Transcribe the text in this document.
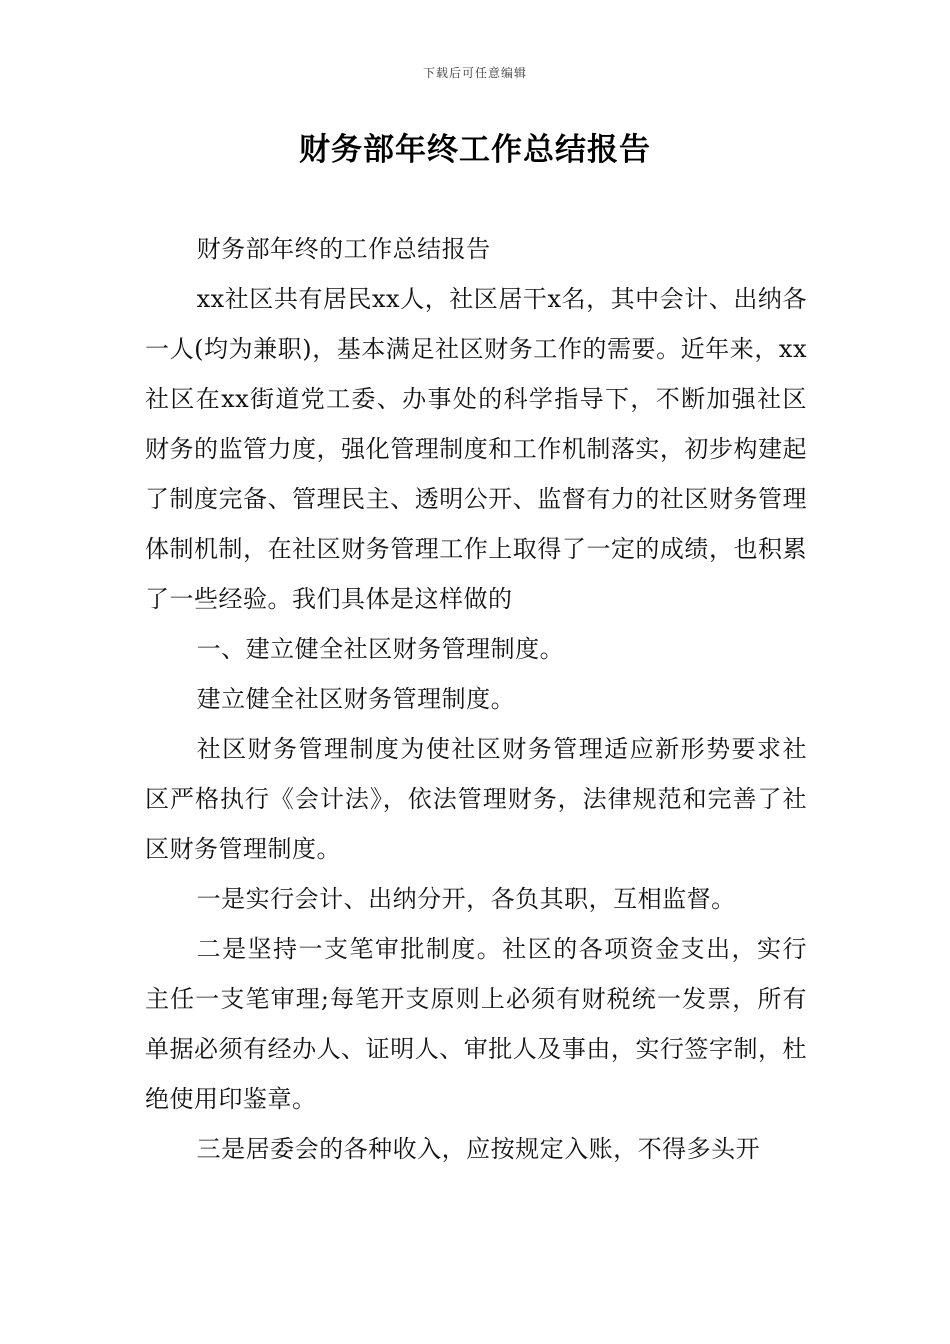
下载后可任意编辑
财务部年终工作总结报告

财务部年终的工作总结报告

xx社区共有居民xx人，社区居干x名，其中会计、出纳各一人(均为兼职)，基本满足社区财务工作的需要。近年来，xx社区在xx街道党工委、办事处的科学指导下，不断加强社区财务的监管力度，强化管理制度和工作机制落实，初步构建起了制度完备、管理民主、透明公开、监督有力的社区财务管理体制机制，在社区财务管理工作上取得了一定的成绩，也积累了一些经验。我们具体是这样做的

一、建立健全社区财务管理制度。

建立健全社区财务管理制度。

社区财务管理制度为使社区财务管理适应新形势要求社区严格执行《会计法》，依法管理财务，法律规范和完善了社区财务管理制度。

一是实行会计、出纳分开，各负其职，互相监督。

二是坚持一支笔审批制度。社区的各项资金支出，实行主任一支笔审理;每笔开支原则上必须有财税统一发票，所有单据必须有经办人、证明人、审批人及事由，实行签字制，杜绝使用印鉴章。

三是居委会的各种收入，应按规定入账，不得多头开
